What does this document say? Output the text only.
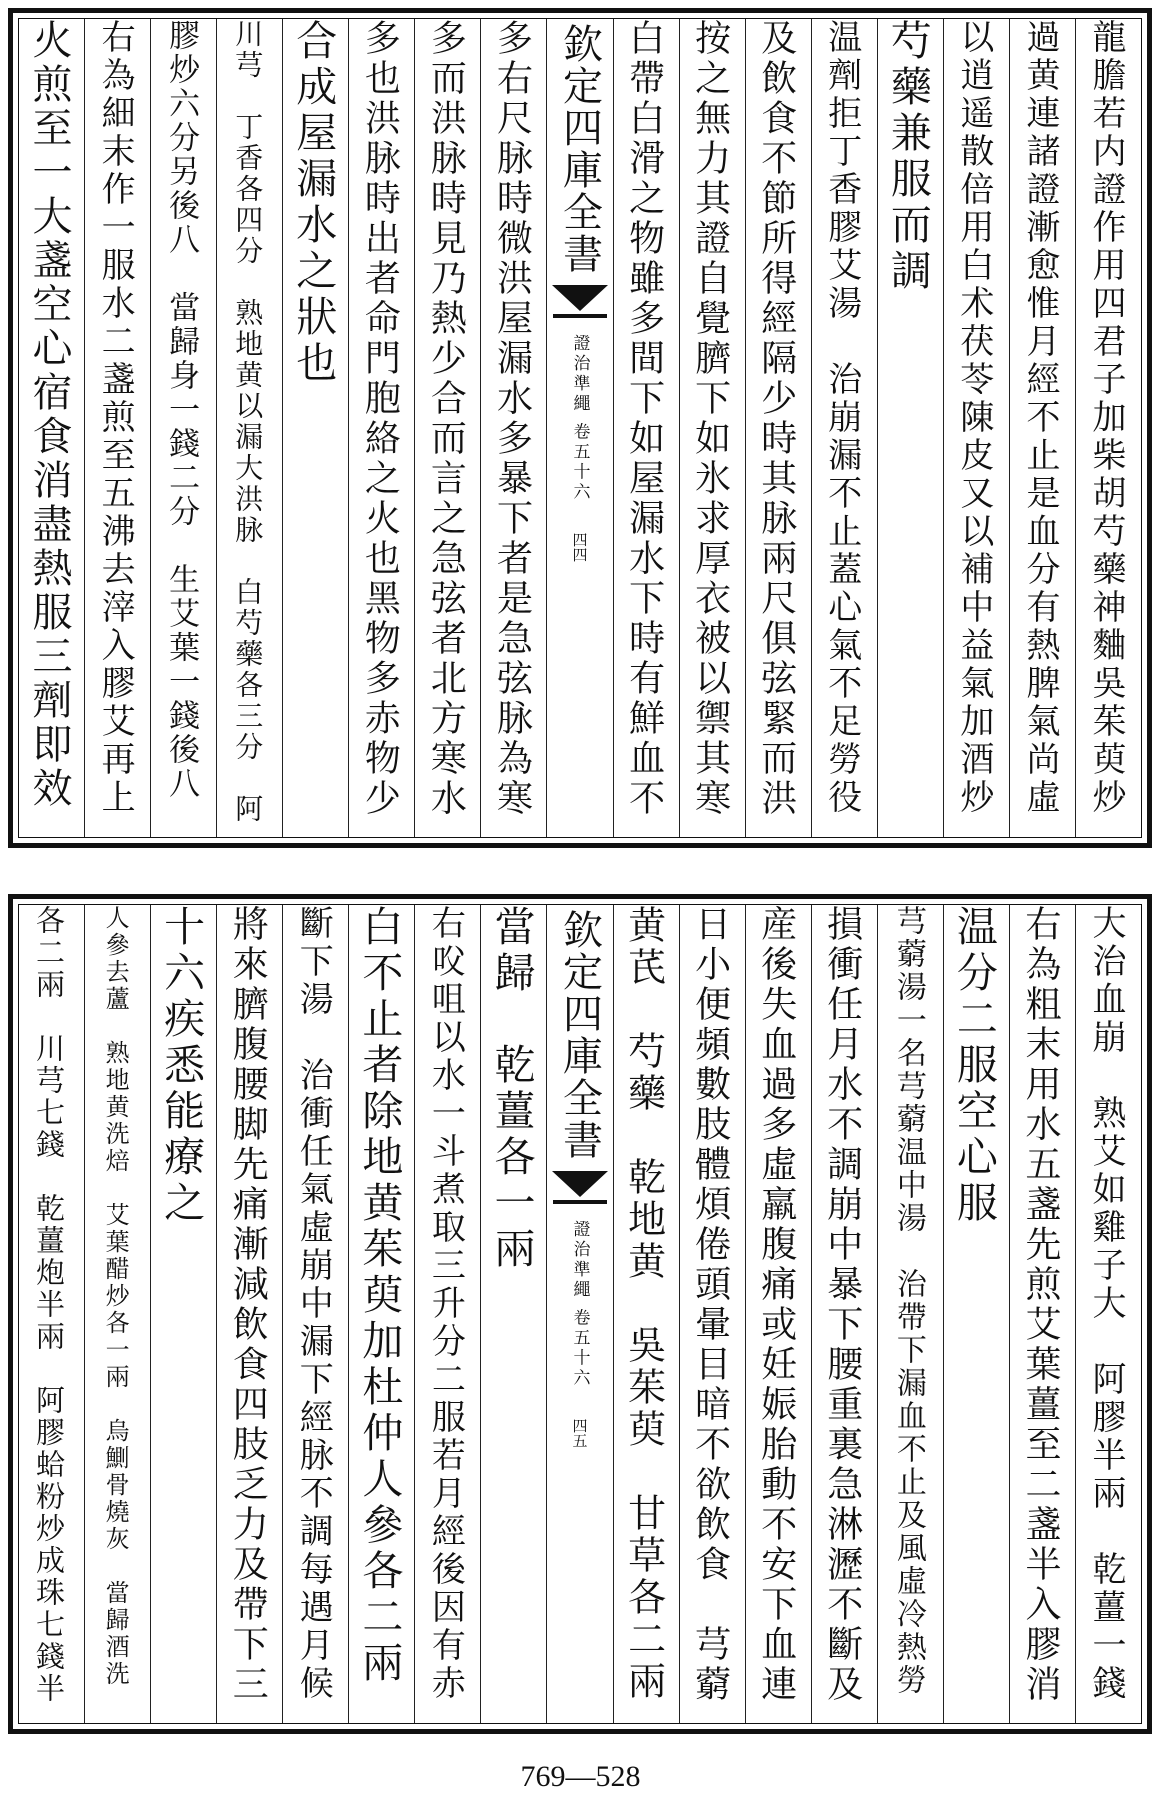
龍膽若内證作用四君子加柴胡芍藥神麯吳茱萸炒
過黄連諸證漸愈惟月經不止是血分有熱脾氣尚虛
以逍遥散倍用白术茯苓陳皮又以補中益氣加酒炒
芍藥兼服而調
温劑拒丁香膠艾湯　治崩漏不止蓋心氣不足勞役
及飲食不節所得經隔少時其脉兩尺俱弦緊而洪
按之無力其證自覺臍下如氷求厚衣被以禦其寒
白帶白滑之物雖多間下如屋漏水下時有鮮血不
欽定四庫全書
證治準繩 卷五十六
四四
多右尺脉時微洪屋漏水多暴下者是急弦脉為寒
多而洪脉時見乃熱少合而言之急弦者北方寒水
多也洪脉時出者命門胞絡之火也黑物多赤物少
合成屋漏水之狀也
川芎　丁香各四分　熟地黄以漏大洪脉　白芍藥各三分　阿
膠炒六分另後八　當歸身一錢二分　生艾葉一錢後八
右為細末作一服水二盞煎至五沸去滓入膠艾再上
火煎至一大盞空心宿食消盡熱服三劑即效
大治血崩　熟艾如雞子大　阿膠半兩　乾薑一錢
右為粗末用水五盞先煎艾葉薑至二盞半入膠消
温分二服空心服
芎藭湯一名芎藭温中湯　治帶下漏血不止及風虛冷熱勞
損衝任月水不調崩中暴下腰重裏急淋瀝不斷及
産後失血過多虛羸腹痛或妊娠胎動不安下血連
日小便頻數肢體煩倦頭暈目暗不欲飲食　芎藭
黄芪　芍藥　乾地黄　吳茱萸　甘草各二兩
欽定四庫全書
證治準繩 卷五十六
四五
當歸　乾薑各一兩
右㕮咀以水一斗煮取三升分二服若月經後因有赤
白不止者除地黄茱萸加杜仲人參各二兩
斷下湯　治衝任氣虛崩中漏下經脉不調每遇月候
將來臍腹腰脚先痛漸減飲食四肢乏力及帶下三
十六疾悉能療之
人參去蘆　熟地黄洗焙　艾葉醋炒各一兩　烏鰂骨燒灰　當歸酒洗
各二兩　川芎七錢　乾薑炮半兩　阿膠蛤粉炒成珠七錢半
769—528
